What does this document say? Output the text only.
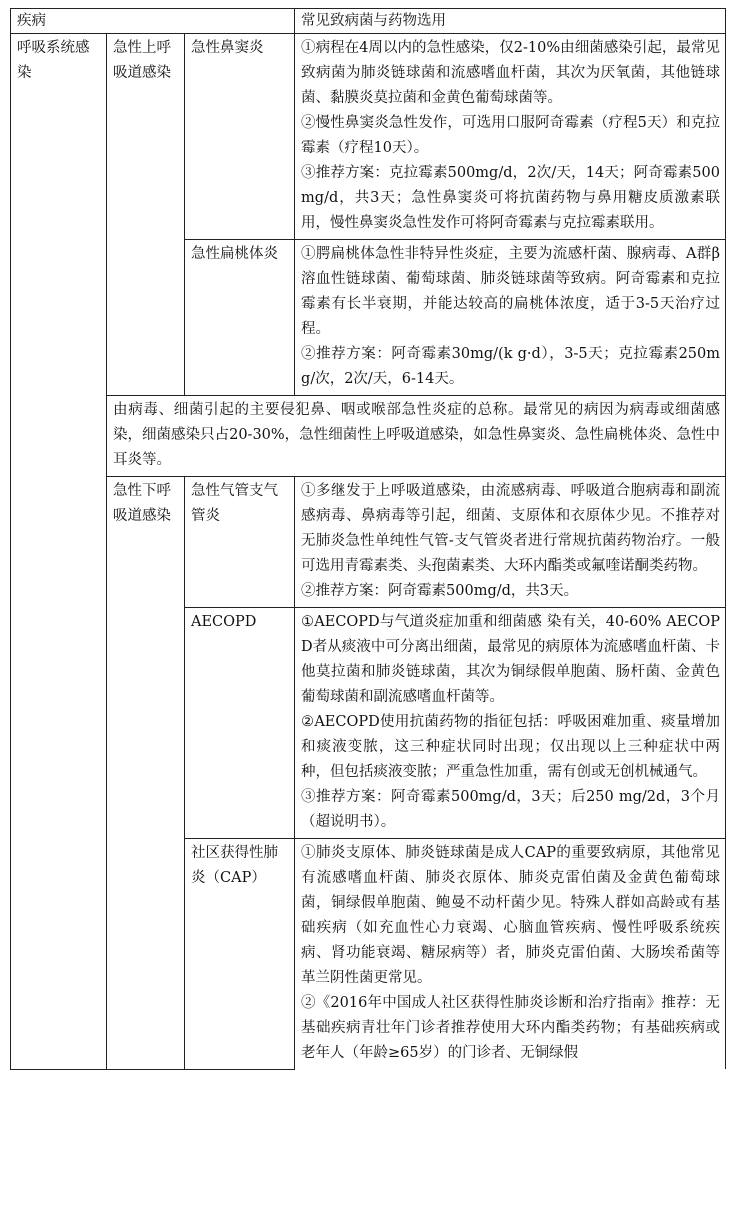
疾病			常见致病菌与药物选用
呼吸系统感染	急性上呼吸道感染	急性鼻窦炎	①病程在4周以内的急性感染，仅2-10%由细菌感染引起，最常见致病菌为肺炎链球菌和流感嗜血杆菌，其次为厌氧菌，其他链球菌、黏膜炎莫拉菌和金黄色葡萄球菌等。
②慢性鼻窦炎急性发作，可选用口服阿奇霉素（疗程5天）和克拉霉素（疗程10天）。
③推荐方案：克拉霉素500mg/d，2次/天，14天；阿奇霉素500mg/d，共3天；急性鼻窦炎可将抗菌药物与鼻用糖皮质激素联用，慢性鼻窦炎急性发作可将阿奇霉素与克拉霉素联用。

		急性扁桃体炎	①腭扁桃体急性非特异性炎症，主要为流感杆菌、腺病毒、A群β溶血性链球菌、葡萄球菌、肺炎链球菌等致病。阿奇霉素和克拉霉素有长半衰期，并能达较高的扁桃体浓度，适于3-5天治疗过程。
②推荐方案：阿奇霉素30mg/(k g·d），3-5天；克拉霉素250mg/次，2次/天，6-14天。

	由病毒、细菌引起的主要侵犯鼻、咽或喉部急性炎症的总称。最常见的病因为病毒或细菌感染，细菌感染只占20-30%，急性细菌性上呼吸道感染，如急性鼻窦炎、急性扁桃体炎、急性中耳炎等。		

	急性下呼吸道感染	急性气管支气管炎	①多继发于上呼吸道感染，由流感病毒、呼吸道合胞病毒和副流感病毒、鼻病毒等引起，细菌、支原体和衣原体少见。不推荐对无肺炎急性单纯性气管-支气管炎者进行常规抗菌药物治疗。一般可选用青霉素类、头孢菌素类、大环内酯类或氟喹诺酮类药物。
②推荐方案：阿奇霉素500mg/d，共3天。

		AECOPD	①AECOPD与气道炎症加重和细菌感 染有关，40-60% AECOPD者从痰液中可分离出细菌，最常见的病原体为流感嗜血杆菌、卡他莫拉菌和肺炎链球菌，其次为铜绿假单胞菌、肠杆菌、金黄色葡萄球菌和副流感嗜血杆菌等。
②AECOPD使用抗菌药物的指征包括：呼吸困难加重、痰量增加和痰液变脓，这三种症状同时出现；仅出现以上三种症状中两种，但包括痰液变脓；严重急性加重，需有创或无创机械通气。
③推荐方案：阿奇霉素500mg/d，3天；后250 mg/2d，3个月（超说明书）。

		社区获得性肺炎（CAP）	①肺炎支原体、肺炎链球菌是成人CAP的重要致病原，其他常见有流感嗜血杆菌、肺炎衣原体、肺炎克雷伯菌及金黄色葡萄球菌，铜绿假单胞菌、鲍曼不动杆菌少见。特殊人群如高龄或有基础疾病（如充血性心力衰竭、心脑血管疾病、慢性呼吸系统疾病、肾功能衰竭、糖尿病等）者，肺炎克雷伯菌、大肠埃希菌等革兰阴性菌更常见。
②《2016年中国成人社区获得性肺炎诊断和治疗指南》推荐：无基础疾病青壮年门诊者推荐使用大环内酯类药物；有基础疾病或老年人（年龄≥65岁）的门诊者、无铜绿假
